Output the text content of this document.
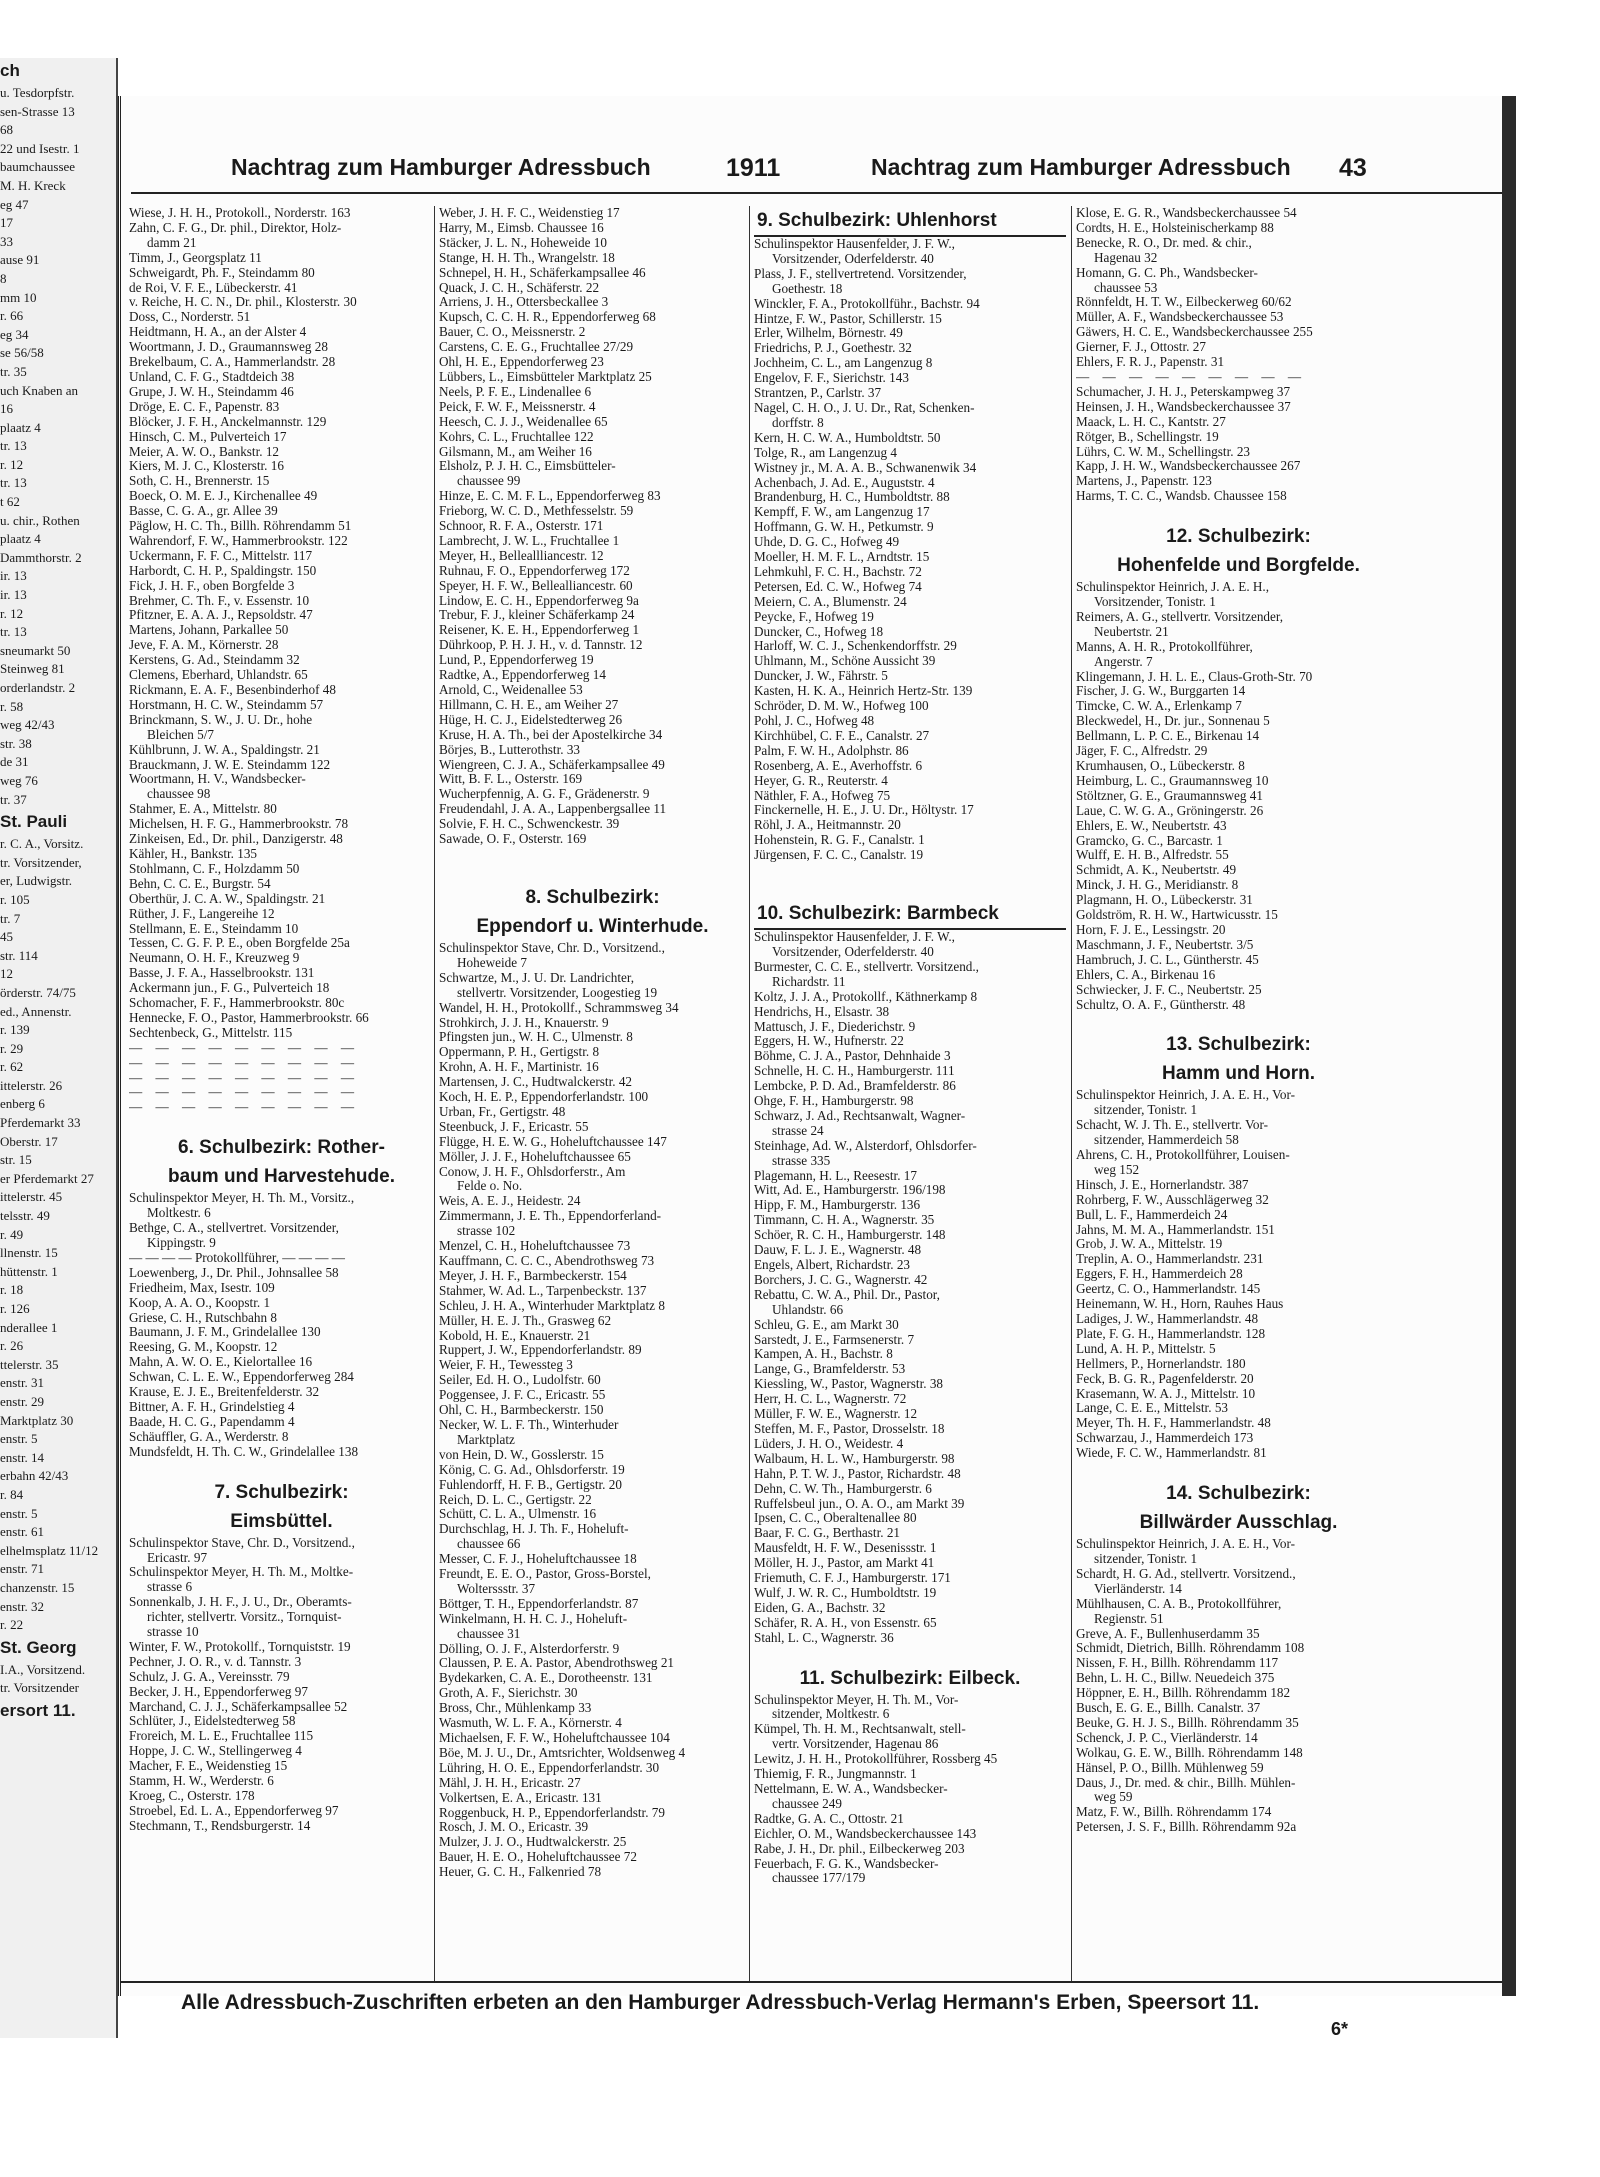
ch
u. Tesdorpfstr.
sen-Strasse 13
68
22 und Isestr. 1
baumchaussee
M. H. Kreck
eg 47
17
33
ause 91
8
mm 10
r. 66
eg 34
se 56/58
tr. 35
uch Knaben an
16
plaatz 4
tr. 13
r. 12
tr. 13
t 62
u. chir., Rothen
plaatz 4
Dammthorstr. 2
ir. 13
ir. 13
r. 12
tr. 13
sneumarkt 50
Steinweg 81
orderlandstr. 2
r. 58
weg 42/43
str. 38
de 31
weg 76
tr. 37
St. Pauli
r. C. A., Vorsitz.
tr. Vorsitzender,
er, Ludwigstr.
r. 105
tr. 7
45
str. 114
12
örderstr. 74/75
ed., Annenstr.
r. 139
r. 29
r. 62
ittelerstr. 26
enberg 6
Pferdemarkt 33
Oberstr. 17
str. 15
er Pferdemarkt 27
ittelerstr. 45
telsstr. 49
r. 49
llnenstr. 15
hüttenstr. 1
r. 18
r. 126
nderallee 1
r. 26
ttelerstr. 35
enstr. 31
enstr. 29
Marktplatz 30
enstr. 5
enstr. 14
erbahn 42/43
r. 84
enstr. 5
enstr. 61
elhelmsplatz 11/12
enstr. 71
chanzenstr. 15
enstr. 32
r. 22
St. Georg
I.A., Vorsitzend.
tr. Vorsitzender
ersort 11.
Nachtrag zum Hamburger Adressbuch	1911	Nachtrag zum Hamburger Adressbuch 43
Wiese, J. H. H., Protokoll., Norderstr. 163
Zahn, C. F. G., Dr. phil., Direktor, Holz-
damm 21
Timm, J., Georgsplatz 11
Schweigardt, Ph. F., Steindamm 80
de Roi, V. F. E., Lübeckerstr. 41
v. Reiche, H. C. N., Dr. phil., Klosterstr. 30
Doss, C., Norderstr. 51
Heidtmann, H. A., an der Alster 4
Woortmann, J. D., Graumannsweg 28
Brekelbaum, C. A., Hammerlandstr. 28
Unland, C. F. G., Stadtdeich 38
Grupe, J. W. H., Steindamm 46
Dröge, E. C. F., Papenstr. 83
Blöcker, J. F. H., Anckelmannstr. 129
Hinsch, C. M., Pulverteich 17
Meier, A. W. O., Bankstr. 12
Kiers, M. J. C., Klosterstr. 16
Soth, C. H., Brennerstr. 15
Boeck, O. M. E. J., Kirchenallee 49
Basse, C. G. A., gr. Allee 39
Päglow, H. C. Th., Billh. Röhrendamm 51
Wahrendorf, F. W., Hammerbrookstr. 122
Uckermann, F. F. C., Mittelstr. 117
Harbordt, C. H. P., Spaldingstr. 150
Fick, J. H. F., oben Borgfelde 3
Brehmer, C. Th. F., v. Essenstr. 10
Pfitzner, E. A. A. J., Repsoldstr. 47
Martens, Johann, Parkallee 50
Jeve, F. A. M., Körnerstr. 28
Kerstens, G. Ad., Steindamm 32
Clemens, Eberhard, Uhlandstr. 65
Rickmann, E. A. F., Besenbinderhof 48
Horstmann, H. C. W., Steindamm 57
Brinckmann, S. W., J. U. Dr., hohe
Bleichen 5/7
Kühlbrunn, J. W. A., Spaldingstr. 21
Brauckmann, J. W. E. Steindamm 122
Woortmann, H. V., Wandsbecker-
chaussee 98
Stahmer, E. A., Mittelstr. 80
Michelsen, H. F. G., Hammerbrookstr. 78
Zinkeisen, Ed., Dr. phil., Danzigerstr. 48
Kähler, H., Bankstr. 135
Stohlmann, C. F., Holzdamm 50
Behn, C. C. E., Burgstr. 54
Oberthür, J. C. A. W., Spaldingstr. 21
Rüther, J. F., Langereihe 12
Stellmann, E. E., Steindamm 10
Tessen, C. G. F. P. E., oben Borgfelde 25a
Neumann, O. H. F., Kreuzweg 9
Basse, J. F. A., Hasselbrookstr. 131
Ackermann jun., F. G., Pulverteich 18
Schomacher, F. F., Hammerbrookstr. 80c
Hennecke, F. O., Pastor, Hammerbrookstr. 66
Sechtenbeck, G., Mittelstr. 115
— — — — — — — — —
— — — — — — — — —
— — — — — — — — —
— — — — — — — — —
— — — — — — — — —
6. Schulbezirk: Rother-
baum und Harvestehude.
Schulinspektor Meyer, H. Th. M., Vorsitz.,
Moltkestr. 6
Bethge, C. A., stellvertret. Vorsitzender,
Kippingstr. 9
— — — — Protokollführer, — — — —
Loewenberg, J., Dr. Phil., Johnsallee 58
Friedheim, Max, Isestr. 109
Koop, A. A. O., Koopstr. 1
Griese, C. H., Rutschbahn 8
Baumann, J. F. M., Grindelallee 130
Reesing, G. M., Koopstr. 12
Mahn, A. W. O. E., Kielortallee 16
Schwan, C. L. E. W., Eppendorferweg 284
Krause, E. J. E., Breitenfelderstr. 32
Bittner, A. F. H., Grindelstieg 4
Baade, H. C. G., Papendamm 4
Schäuffler, G. A., Werderstr. 8
Mundsfeldt, H. Th. C. W., Grindelallee 138
7. Schulbezirk:
Eimsbüttel.
Schulinspektor Stave, Chr. D., Vorsitzend.,
Ericastr. 97
Schulinspektor Meyer, H. Th. M., Moltke-
strasse 6
Sonnenkalb, J. H. F., J. U., Dr., Oberamts-
richter, stellvertr. Vorsitz., Tornquist-
strasse 10
Winter, F. W., Protokollf., Tornquiststr. 19
Pechner, J. O. R., v. d. Tannstr. 3
Schulz, J. G. A., Vereinsstr. 79
Becker, J. H., Eppendorferweg 97
Marchand, C. J. J., Schäferkampsallee 52
Schlüter, J., Eidelstedterweg 58
Froreich, M. L. E., Fruchtallee 115
Hoppe, J. C. W., Stellingerweg 4
Macher, F. E., Weidenstieg 15
Stamm, H. W., Werderstr. 6
Kroeg, C., Osterstr. 178
Stroebel, Ed. L. A., Eppendorferweg 97
Stechmann, T., Rendsburgerstr. 14
Weber, J. H. F. C., Weidenstieg 17
Harry, M., Eimsb. Chaussee 16
Stäcker, J. L. N., Hoheweide 10
Stange, H. H. Th., Wrangelstr. 18
Schnepel, H. H., Schäferkampsallee 46
Quack, J. C. H., Schäferstr. 22
Arriens, J. H., Ottersbeckallee 3
Kupsch, C. C. H. R., Eppendorferweg 68
Bauer, C. O., Meissnerstr. 2
Carstens, C. E. G., Fruchtallee 27/29
Ohl, H. E., Eppendorferweg 23
Lübbers, L., Eimsbütteler Marktplatz 25
Neels, P. F. E., Lindenallee 6
Peick, F. W. F., Meissnerstr. 4
Heesch, C. J. J., Weidenallee 65
Kohrs, C. L., Fruchtallee 122
Gilsmann, M., am Weiher 16
Elsholz, P. J. H. C., Eimsbütteler-
chaussee 99
Hinze, E. C. M. F. L., Eppendorferweg 83
Frieborg, W. C. D., Methfesselstr. 59
Schnoor, R. F. A., Osterstr. 171
Lambrecht, J. W. L., Fruchtallee 1
Meyer, H., Belleallliancestr. 12
Ruhnau, F. O., Eppendorferweg 172
Speyer, H. F. W., Bellealliancestr. 60
Lindow, E. C. H., Eppendorferweg 9a
Trebur, F. J., kleiner Schäferkamp 24
Reisener, K. E. H., Eppendorferweg 1
Dührkoop, P. H. J. H., v. d. Tannstr. 12
Lund, P., Eppendorferweg 19
Radtke, A., Eppendorferweg 14
Arnold, C., Weidenallee 53
Hillmann, C. H. E., am Weiher 27
Hüge, H. C. J., Eidelstedterweg 26
Kruse, H. A. Th., bei der Apostelkirche 34
Börjes, B., Lutterothstr. 33
Wiengreen, C. J. A., Schäferkampsallee 49
Witt, B. F. L., Osterstr. 169
Wucherpfennig, A. G. F., Grädenerstr. 9
Freudendahl, J. A. A., Lappenbergsallee 11
Solvie, F. H. C., Schwenckestr. 39
Sawade, O. F., Osterstr. 169
8. Schulbezirk:
Eppendorf u. Winterhude.
Schulinspektor Stave, Chr. D., Vorsitzend.,
Hoheweide 7
Schwartze, M., J. U. Dr. Landrichter,
stellvertr. Vorsitzender, Loogestieg 19
Wandel, H. H., Protokollf., Schrammsweg 34
Strohkirch, J. J. H., Knauerstr. 9
Pfingsten jun., W. H. C., Ulmenstr. 8
Oppermann, P. H., Gertigstr. 8
Krohn, A. H. F., Martinistr. 16
Martensen, J. C., Hudtwalckerstr. 42
Koch, H. E. P., Eppendorferlandstr. 100
Urban, Fr., Gertigstr. 48
Steenbuck, J. F., Ericastr. 55
Flügge, H. E. W. G., Hoheluftchaussee 147
Möller, J. J. F., Hoheluftchaussee 65
Conow, J. H. F., Ohlsdorferstr., Am
Felde o. No.
Weis, A. E. J., Heidestr. 24
Zimmermann, J. E. Th., Eppendorferland-
strasse 102
Menzel, C. H., Hoheluftchaussee 73
Kauffmann, C. C. C., Abendrothsweg 73
Meyer, J. H. F., Barmbeckerstr. 154
Stahmer, W. Ad. L., Tarpenbeckstr. 137
Schleu, J. H. A., Winterhuder Marktplatz 8
Müller, H. E. J. Th., Grasweg 62
Kobold, H. E., Knauerstr. 21
Ruppert, J. W., Eppendorferlandstr. 89
Weier, F. H., Tewessteg 3
Seiler, Ed. H. O., Ludolfstr. 60
Poggensee, J. F. C., Ericastr. 55
Ohl, C. H., Barmbeckerstr. 150
Necker, W. L. F. Th., Winterhuder
Marktplatz
von Hein, D. W., Gosslerstr. 15
König, C. G. Ad., Ohlsdorferstr. 19
Fuhlendorff, H. F. B., Gertigstr. 20
Reich, D. L. C., Gertigstr. 22
Schütt, C. L. A., Ulmenstr. 16
Durchschlag, H. J. Th. F., Hoheluft-
chaussee 66
Messer, C. F. J., Hoheluftchaussee 18
Freundt, E. E. O., Pastor, Gross-Borstel,
Wolterssstr. 37
Böttger, T. H., Eppendorferlandstr. 87
Winkelmann, H. H. C. J., Hoheluft-
chaussee 31
Dölling, O. J. F., Alsterdorferstr. 9
Claussen, P. E. A. Pastor, Abendrothsweg 21
Bydekarken, C. A. E., Dorotheenstr. 131
Groth, A. F., Sierichstr. 30
Bross, Chr., Mühlenkamp 33
Wasmuth, W. L. F. A., Körnerstr. 4
Michaelsen, F. F. W., Hoheluftchaussee 104
Böe, M. J. U., Dr., Amtsrichter, Woldsenweg 4
Lühring, H. O. E., Eppendorferlandstr. 30
Mähl, J. H. H., Ericastr. 27
Volkertsen, E. A., Ericastr. 131
Roggenbuck, H. P., Eppendorferlandstr. 79
Rosch, J. M. O., Ericastr. 39
Mulzer, J. J. O., Hudtwalckerstr. 25
Bauer, H. E. O., Hoheluftchaussee 72
Heuer, G. C. H., Falkenried 78
9. Schulbezirk: Uhlenhorst
Schulinspektor Hausenfelder, J. F. W.,
Vorsitzender, Oderfelderstr. 40
Plass, J. F., stellvertretend. Vorsitzender,
Goethestr. 18
Winckler, F. A., Protokollführ., Bachstr. 94
Hintze, F. W., Pastor, Schillerstr. 15
Erler, Wilhelm, Börnestr. 49
Friedrichs, P. J., Goethestr. 32
Jochheim, C. L., am Langenzug 8
Engelov, F. F., Sierichstr. 143
Strantzen, P., Carlstr. 37
Nagel, C. H. O., J. U. Dr., Rat, Schenken-
dorffstr. 8
Kern, H. C. W. A., Humboldtstr. 50
Tolge, R., am Langenzug 4
Wistney jr., M. A. A. B., Schwanenwik 34
Achenbach, J. Ad. E., Auguststr. 4
Brandenburg, H. C., Humboldtstr. 88
Kempff, F. W., am Langenzug 17
Hoffmann, G. W. H., Petkumstr. 9
Uhde, D. G. C., Hofweg 49
Moeller, H. M. F. L., Arndtstr. 15
Lehmkuhl, F. C. H., Bachstr. 72
Petersen, Ed. C. W., Hofweg 74
Meiern, C. A., Blumenstr. 24
Peycke, F., Hofweg 19
Duncker, C., Hofweg 18
Harloff, W. C. J., Schenkendorffstr. 29
Uhlmann, M., Schöne Aussicht 39
Duncker, J. W., Fährstr. 5
Kasten, H. K. A., Heinrich Hertz-Str. 139
Schröder, D. M. W., Hofweg 100
Pohl, J. C., Hofweg 48
Kirchhübel, C. F. E., Canalstr. 27
Palm, F. W. H., Adolphstr. 86
Rosenberg, A. E., Averhoffstr. 6
Heyer, G. R., Reuterstr. 4
Näthler, F. A., Hofweg 75
Finckernelle, H. E., J. U. Dr., Höltystr. 17
Röhl, J. A., Heitmannstr. 20
Hohenstein, R. G. F., Canalstr. 1
Jürgensen, F. C. C., Canalstr. 19
10. Schulbezirk: Barmbeck
Schulinspektor Hausenfelder, J. F. W.,
Vorsitzender, Oderfelderstr. 40
Burmester, C. C. E., stellvertr. Vorsitzend.,
Richardstr. 11
Koltz, J. J. A., Protokollf., Käthnerkamp 8
Hendrichs, H., Elsastr. 38
Mattusch, J. F., Diederichstr. 9
Eggers, H. W., Hufnerstr. 22
Böhme, C. J. A., Pastor, Dehnhaide 3
Schnelle, H. C. H., Hamburgerstr. 111
Lembcke, P. D. Ad., Bramfelderstr. 86
Ohge, F. H., Hamburgerstr. 98
Schwarz, J. Ad., Rechtsanwalt, Wagner-
strasse 24
Steinhage, Ad. W., Alsterdorf, Ohlsdorfer-
strasse 335
Plagemann, H. L., Reesestr. 17
Witt, Ad. E., Hamburgerstr. 196/198
Hipp, F. M., Hamburgerstr. 136
Timmann, C. H. A., Wagnerstr. 35
Schöer, R. C. H., Hamburgerstr. 148
Dauw, F. L. J. E., Wagnerstr. 48
Engels, Albert, Richardstr. 23
Borchers, J. C. G., Wagnerstr. 42
Rebattu, C. W. A., Phil. Dr., Pastor,
Uhlandstr. 66
Schleu, G. E., am Markt 30
Sarstedt, J. E., Farmsenerstr. 7
Kampen, A. H., Bachstr. 8
Lange, G., Bramfelderstr. 53
Kiessling, W., Pastor, Wagnerstr. 38
Herr, H. C. L., Wagnerstr. 72
Müller, F. W. E., Wagnerstr. 12
Steffen, M. F., Pastor, Drosselstr. 18
Lüders, J. H. O., Weidestr. 4
Walbaum, H. L. W., Hamburgerstr. 98
Hahn, P. T. W. J., Pastor, Richardstr. 48
Dehn, C. W. Th., Hamburgerstr. 6
Ruffelsbeul jun., O. A. O., am Markt 39
Ipsen, C. C., Oberaltenallee 80
Baar, F. C. G., Berthastr. 21
Mausfeldt, H. F. W., Desenissstr. 1
Möller, H. J., Pastor, am Markt 41
Friemuth, C. F. J., Hamburgerstr. 171
Wulf, J. W. R. C., Humboldtstr. 19
Eiden, G. A., Bachstr. 32
Schäfer, R. A. H., von Essenstr. 65
Stahl, L. C., Wagnerstr. 36
11. Schulbezirk: Eilbeck.
Schulinspektor Meyer, H. Th. M., Vor-
sitzender, Moltkestr. 6
Kümpel, Th. H. M., Rechtsanwalt, stell-
vertr. Vorsitzender, Hagenau 86
Lewitz, J. H. H., Protokollführer, Rossberg 45
Thiemig, F. R., Jungmannstr. 1
Nettelmann, E. W. A., Wandsbecker-
chaussee 249
Radtke, G. A. C., Ottostr. 21
Eichler, O. M., Wandsbeckerchaussee 143
Rabe, J. H., Dr. phil., Eilbeckerweg 203
Feuerbach, F. G. K., Wandsbecker-
chaussee 177/179
Klose, E. G. R., Wandsbeckerchaussee 54
Cordts, H. E., Holsteinischerkamp 88
Benecke, R. O., Dr. med. & chir.,
Hagenau 32
Homann, G. C. Ph., Wandsbecker-
chaussee 53
Rönnfeldt, H. T. W., Eilbeckerweg 60/62
Müller, A. F., Wandsbeckerchaussee 53
Gäwers, H. C. E., Wandsbeckerchaussee 255
Gierner, F. J., Ottostr. 27
Ehlers, F. R. J., Papenstr. 31
— — — — — — — — —
Schumacher, J. H. J., Peterskampweg 37
Heinsen, J. H., Wandsbeckerchaussee 37
Maack, L. H. C., Kantstr. 27
Rötger, B., Schellingstr. 19
Lührs, C. W. M., Schellingstr. 23
Kapp, J. H. W., Wandsbeckerchaussee 267
Martens, J., Papenstr. 123
Harms, T. C. C., Wandsb. Chaussee 158
12. Schulbezirk:
Hohenfelde und Borgfelde.
Schulinspektor Heinrich, J. A. E. H.,
Vorsitzender, Tonistr. 1
Reimers, A. G., stellvertr. Vorsitzender,
Neubertstr. 21
Manns, A. H. R., Protokollführer,
Angerstr. 7
Klingemann, J. H. L. E., Claus-Groth-Str. 70
Fischer, J. G. W., Burggarten 14
Timcke, C. W. A., Erlenkamp 7
Bleckwedel, H., Dr. jur., Sonnenau 5
Bellmann, L. P. C. E., Birkenau 14
Jäger, F. C., Alfredstr. 29
Krumhausen, O., Lübeckerstr. 8
Heimburg, L. C., Graumannsweg 10
Stöltzner, G. E., Graumannsweg 41
Laue, C. W. G. A., Gröningerstr. 26
Ehlers, E. W., Neubertstr. 43
Gramcko, G. C., Barcastr. 1
Wulff, E. H. B., Alfredstr. 55
Schmidt, A. K., Neubertstr. 49
Minck, J. H. G., Meridianstr. 8
Plagmann, H. O., Lübeckerstr. 31
Goldström, R. H. W., Hartwicusstr. 15
Horn, F. J. E., Lessingstr. 20
Maschmann, J. F., Neubertstr. 3/5
Hambruch, J. C. L., Güntherstr. 45
Ehlers, C. A., Birkenau 16
Schwiecker, J. F. C., Neubertstr. 25
Schultz, O. A. F., Güntherstr. 48
13. Schulbezirk:
Hamm und Horn.
Schulinspektor Heinrich, J. A. E. H., Vor-
sitzender, Tonistr. 1
Schacht, W. J. Th. E., stellvertr. Vor-
sitzender, Hammerdeich 58
Ahrens, C. H., Protokollführer, Louisen-
weg 152
Hinsch, J. E., Hornerlandstr. 387
Rohrberg, F. W., Ausschlägerweg 32
Bull, L. F., Hammerdeich 24
Jahns, M. M. A., Hammerlandstr. 151
Grob, J. W. A., Mittelstr. 19
Treplin, A. O., Hammerlandstr. 231
Eggers, F. H., Hammerdeich 28
Geertz, C. O., Hammerlandstr. 145
Heinemann, W. H., Horn, Rauhes Haus
Ladiges, J. W., Hammerlandstr. 48
Plate, F. G. H., Hammerlandstr. 128
Lund, A. H. P., Mittelstr. 5
Hellmers, P., Hornerlandstr. 180
Feck, B. G. R., Pagenfelderstr. 20
Krasemann, W. A. J., Mittelstr. 10
Lange, C. E. E., Mittelstr. 53
Meyer, Th. H. F., Hammerlandstr. 48
Schwarzau, J., Hammerdeich 173
Wiede, F. C. W., Hammerlandstr. 81
14. Schulbezirk:
Billwärder Ausschlag.
Schulinspektor Heinrich, J. A. E. H., Vor-
sitzender, Tonistr. 1
Schardt, H. G. Ad., stellvertr. Vorsitzend.,
Vierländerstr. 14
Mühlhausen, C. A. B., Protokollführer,
Regienstr. 51
Greve, A. F., Bullenhuserdamm 35
Schmidt, Dietrich, Billh. Röhrendamm 108
Nissen, F. H., Billh. Röhrendamm 117
Behn, L. H. C., Billw. Neuedeich 375
Höppner, E. H., Billh. Röhrendamm 182
Busch, E. G. E., Billh. Canalstr. 37
Beuke, G. H. J. S., Billh. Röhrendamm 35
Schenck, J. P. C., Vierländerstr. 14
Wolkau, G. E. W., Billh. Röhrendamm 148
Hänsel, P. O., Billh. Mühlenweg 59
Daus, J., Dr. med. & chir., Billh. Mühlen-
weg 59
Matz, F. W., Billh. Röhrendamm 174
Petersen, J. S. F., Billh. Röhrendamm 92a
Alle Adressbuch-Zuschriften erbeten an den Hamburger Adressbuch-Verlag Hermann's Erben, Speersort 11.
6*
